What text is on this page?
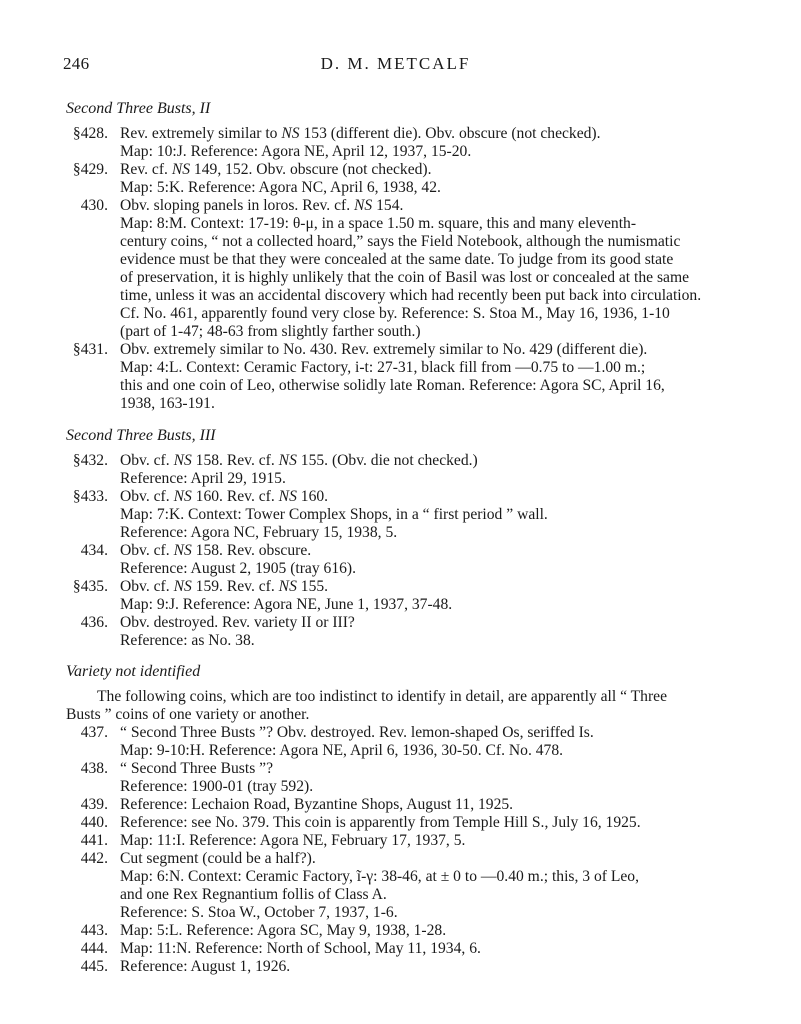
246	D. M. METCALF
Second Three Busts, II
§428. Rev. extremely similar to NS 153 (different die). Obv. obscure (not checked).
Map: 10:J. Reference: Agora NE, April 12, 1937, 15-20.
§429. Rev. cf. NS 149, 152. Obv. obscure (not checked).
Map: 5:K. Reference: Agora NC, April 6, 1938, 42.
430. Obv. sloping panels in loros. Rev. cf. NS 154.
Map: 8:M. Context: 17-19: θ-μ, in a space 1.50 m. square, this and many eleventh-
century coins, “ not a collected hoard,” says the Field Notebook, although the numismatic
evidence must be that they were concealed at the same date. To judge from its good state
of preservation, it is highly unlikely that the coin of Basil was lost or concealed at the same
time, unless it was an accidental discovery which had recently been put back into circulation.
Cf. No. 461, apparently found very close by. Reference: S. Stoa M., May 16, 1936, 1-10
(part of 1-47; 48-63 from slightly farther south.)
§431. Obv. extremely similar to No. 430. Rev. extremely similar to No. 429 (different die).
Map: 4:L. Context: Ceramic Factory, i-t: 27-31, black fill from —0.75 to —1.00 m.;
this and one coin of Leo, otherwise solidly late Roman. Reference: Agora SC, April 16,
1938, 163-191.
Second Three Busts, III
§432. Obv. cf. NS 158. Rev. cf. NS 155. (Obv. die not checked.)
Reference: April 29, 1915.
§433. Obv. cf. NS 160. Rev. cf. NS 160.
Map: 7:K. Context: Tower Complex Shops, in a “ first period ” wall.
Reference: Agora NC, February 15, 1938, 5.
434. Obv. cf. NS 158. Rev. obscure.
Reference: August 2, 1905 (tray 616).
§435. Obv. cf. NS 159. Rev. cf. NS 155.
Map: 9:J. Reference: Agora NE, June 1, 1937, 37-48.
436. Obv. destroyed. Rev. variety II or III?
Reference: as No. 38.
Variety not identified
The following coins, which are too indistinct to identify in detail, are apparently all “ Three
Busts ” coins of one variety or another.
437. “ Second Three Busts ”? Obv. destroyed. Rev. lemon-shaped Os, seriffed Is.
Map: 9-10:H. Reference: Agora NE, April 6, 1936, 30-50. Cf. No. 478.
438. “ Second Three Busts ”?
Reference: 1900-01 (tray 592).
439. Reference: Lechaion Road, Byzantine Shops, August 11, 1925.
440. Reference: see No. 379. This coin is apparently from Temple Hill S., July 16, 1925.
441. Map: 11:I. Reference: Agora NE, February 17, 1937, 5.
442. Cut segment (could be a half?).
Map: 6:N. Context: Ceramic Factory, ĩ-γ: 38-46, at ± 0 to —0.40 m.; this, 3 of Leo,
and one Rex Regnantium follis of Class A.
Reference: S. Stoa W., October 7, 1937, 1-6.
443. Map: 5:L. Reference: Agora SC, May 9, 1938, 1-28.
444. Map: 11:N. Reference: North of School, May 11, 1934, 6.
445. Reference: August 1, 1926.
